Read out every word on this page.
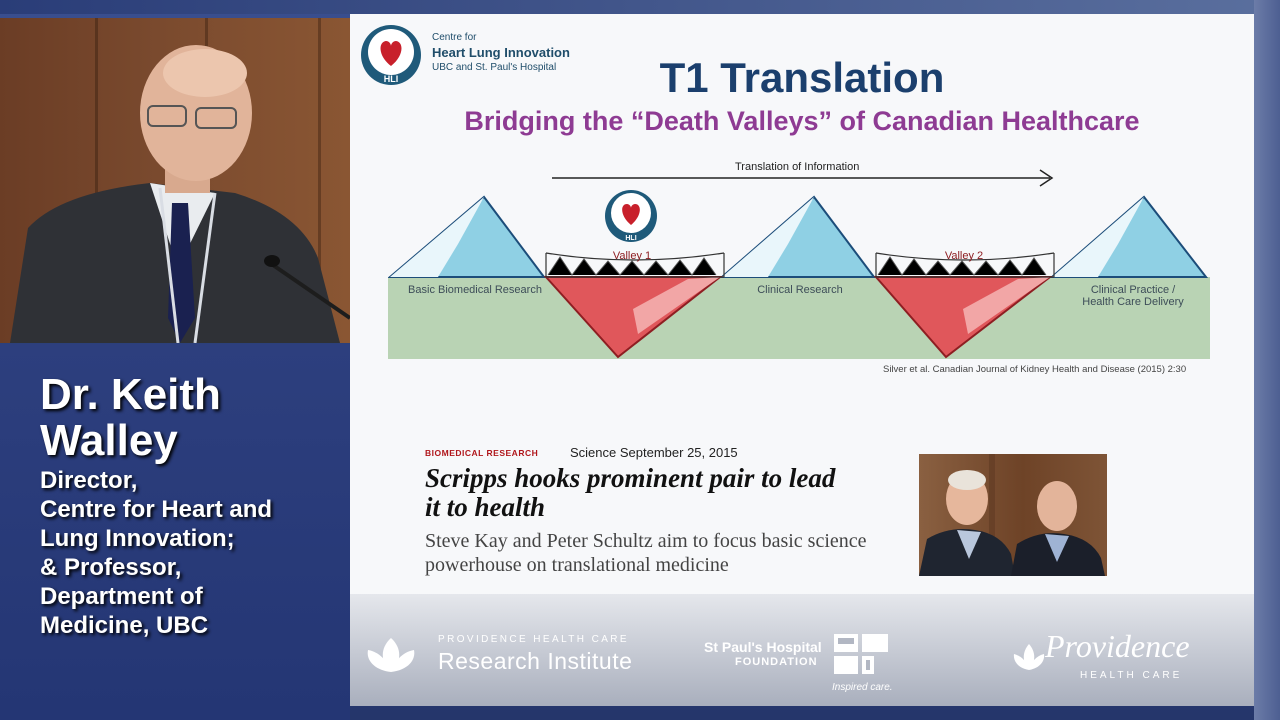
Dr. Keith Walley
Director,
Centre for Heart and
Lung Innovation;
& Professor,
Department of
Medicine, UBC
HLI
Centre for
Heart Lung Innovation
UBC and St. Paul's Hospital	T1 Translation
Bridging the “Death Valleys” of Canadian Healthcare
Translation of Information
HLI
Basic Biomedical Research
Valley 1
Clinical Research
Valley 2
Clinical Practice /
Health Care Delivery
Silver et al. Canadian Journal of Kidney Health and Disease (2015) 2:30
BIOMEDICAL RESEARCH Science September 25, 2015
Scripps hooks prominent pair to lead it to health
Steve Kay and Peter Schultz aim to focus basic science powerhouse on translational medicine
PROVIDENCE HEALTH CARE
Research Institute
St Paul's Hospital
FOUNDATION
Inspired care.
Providence
HEALTH CARE
